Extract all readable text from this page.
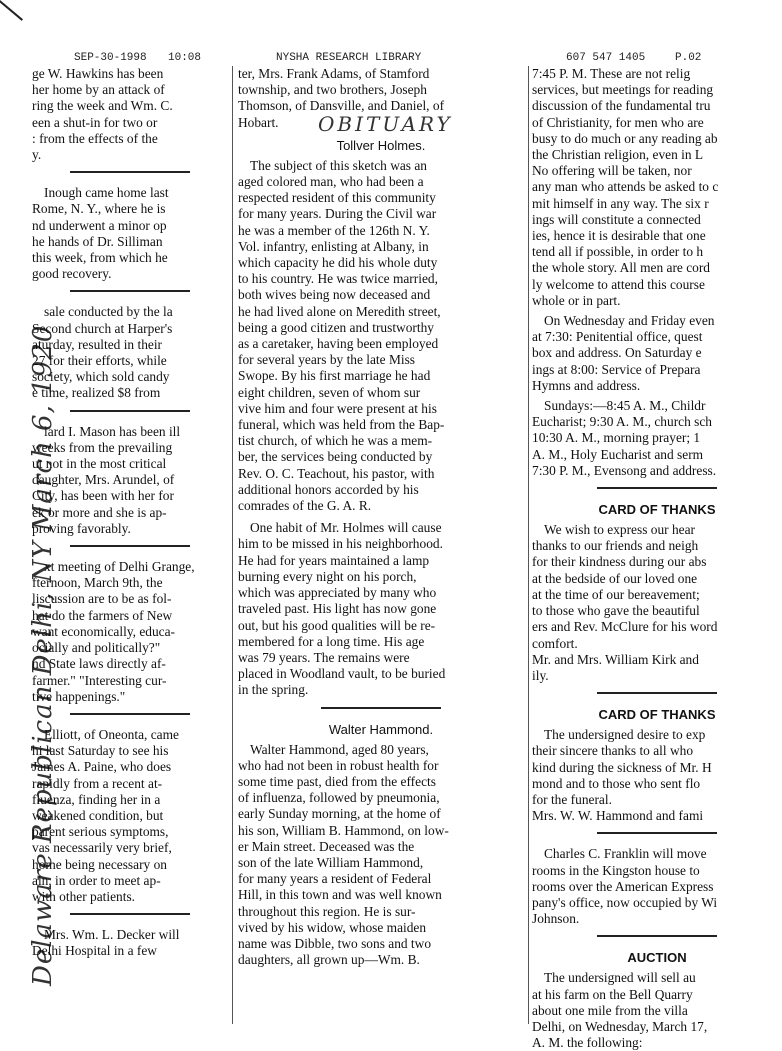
SEP-30-1998 10:08	NYSHA RESEARCH LIBRARY	607 547 1405	P.02
Delaware Republican Delhi, NY March 6, 1920

ge W. Hawkins has been

her home by an attack of

ring the week and Wm. C.

een a shut-in for two or

: from the effects of the

y.

Inough came home last

Rome, N. Y., where he is

nd underwent a minor op

he hands of Dr. Silliman

this week, from which he

good recovery.

sale conducted by the la

Second church at Harper's

aturday, resulted in their

27 for their efforts, while

society, which sold candy

e time, realized $8 from

lard I. Mason has been ill

weeks from the prevailing

ut not in the most critical

daughter, Mrs. Arundel, of

City, has been with her for

ek or more and she is ap-

proving favorably.

xt meeting of Delhi Grange,

fternoon, March 9th, the

liscussion are to be as fol-

hat do the farmers of New

want economically, educa-

ocially and politically?"

nd State laws directly af-

farmer." "Interesting cur-

tive happenings."

Elliott, of Oneonta, came

hi last Saturday to see his

James A. Paine, who does

rapidly from a recent at-

fluenza, finding her in a

weakened condition, but

parent serious symptoms,

vas necessarily very brief,

home being necessary on

ain, in order to meet ap-

with other patients.

Mrs. Wm. L. Decker will

Delhi Hospital in a few

ter, Mrs. Frank Adams, of Stamford

township, and two brothers, Joseph

Thomson, of Dansville, and Daniel, of

Hobart.

Tollver Holmes.

The subject of this sketch was an

aged colored man, who had been a

respected resident of this community

for many years. During the Civil war

he was a member of the 126th N. Y.

Vol. infantry, enlisting at Albany, in

which capacity he did his whole duty

to his country. He was twice married,

both wives being now deceased and

he had lived alone on Meredith street,

being a good citizen and trustworthy

as a caretaker, having been employed

for several years by the late Miss

Swope. By his first marriage he had

eight children, seven of whom sur

vive him and four were present at his

funeral, which was held from the Bap-

tist church, of which he was a mem-

ber, the services being conducted by

Rev. O. C. Teachout, his pastor, with

additional honors accorded by his

comrades of the G. A. R.

One habit of Mr. Holmes will cause

him to be missed in his neighborhood.

He had for years maintained a lamp

burning every night on his porch,

which was appreciated by many who

traveled past. His light has now gone

out, but his good qualities will be re-

membered for a long time. His age

was 79 years. The remains were

placed in Woodland vault, to be buried

in the spring.

Walter Hammond.

Walter Hammond, aged 80 years,

who had not been in robust health for

some time past, died from the effects

of influenza, followed by pneumonia,

early Sunday morning, at the home of

his son, William B. Hammond, on low-

er Main street. Deceased was the

son of the late William Hammond,

for many years a resident of Federal

Hill, in this town and was well known

throughout this region. He is sur-

vived by his widow, whose maiden

name was Dibble, two sons and two

daughters, all grown up—Wm. B.

7:45 P. M. These are not relig

services, but meetings for reading

discussion of the fundamental tru

of Christianity, for men who are

busy to do much or any reading ab

the Christian religion, even in L

No offering will be taken, nor

any man who attends be asked to c

mit himself in any way. The six r

ings will constitute a connected

ies, hence it is desirable that one

tend all if possible, in order to h

the whole story. All men are cord

ly welcome to attend this course

whole or in part.

On Wednesday and Friday even

at 7:30: Penitential office, quest

box and address. On Saturday e

ings at 8:00: Service of Prepara

Hymns and address.

Sundays:—8:45 A. M., Childr

Eucharist; 9:30 A. M., church sch

10:30 A. M., morning prayer; 1

A. M., Holy Eucharist and serm

7:30 P. M., Evensong and address.

CARD OF THANKS

We wish to express our hear

thanks to our friends and neigh

for their kindness during our abs

at the bedside of our loved one

at the time of our bereavement;

to those who gave the beautiful

ers and Rev. McClure for his word

comfort.

Mr. and Mrs. William Kirk and

ily.

CARD OF THANKS

The undersigned desire to exp

their sincere thanks to all who

kind during the sickness of Mr. H

mond and to those who sent flo

for the funeral.

Mrs. W. W. Hammond and fami

Charles C. Franklin will move

rooms in the Kingston house to

rooms over the American Express

pany's office, now occupied by Wi

Johnson.

AUCTION

The undersigned will sell au

at his farm on the Bell Quarry

about one mile from the villa

Delhi, on Wednesday, March 17,

A. M. the following:

OBITUARY
